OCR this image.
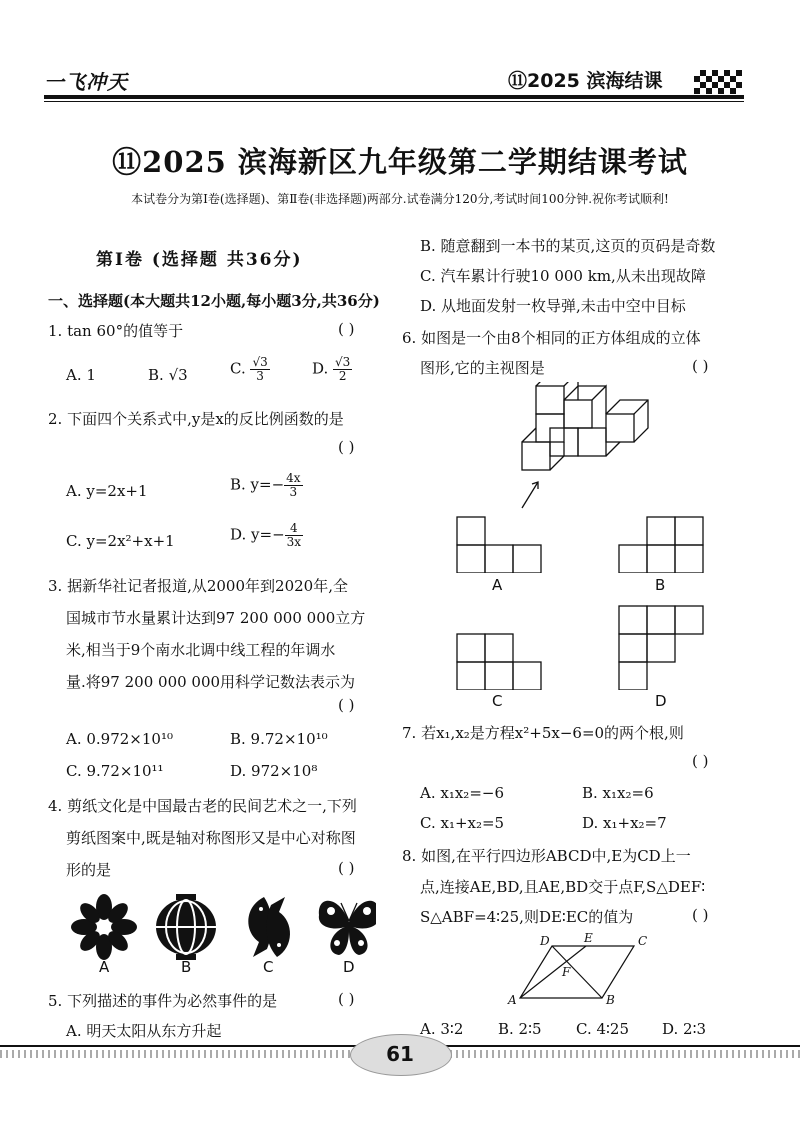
一飞冲天	⑪2025 滨海结课
⑪2025 滨海新区九年级第二学期结课考试
本试卷分为第Ⅰ卷(选择题)、第Ⅱ卷(非选择题)两部分.试卷满分120分,考试时间100分钟.祝你考试顺利!
第Ⅰ卷 (选择题 共36分)
一、选择题(本大题共12小题,每小题3分,共36分)
1. tan 60°的值等于	( )
A. 1	B. √3	C. $\frac{√3}{3}$	D. $\frac{√3}{2}$
2. 下面四个关系式中,y是x的反比例函数的是
( )
A. y=2x+1	B. $y=- \frac{4x}{3}$
C. y=2x²+x+1	D. $y=- \frac{4}{3x}$
3. 据新华社记者报道,从2000年到2020年,全
国城市节水量累计达到97 200 000 000立方
米,相当于9个南水北调中线工程的年调水
量.将97 200 000 000用科学记数法表示为
( )
A. 0.972×10¹⁰	B. 9.72×10¹⁰
C. 9.72×10¹¹	D. 972×10⁸
4. 剪纸文化是中国最古老的民间艺术之一,下列
剪纸图案中,既是轴对称图形又是中心对称图
形的是	( )
A	B	C	D
5. 下列描述的事件为必然事件的是	( )
A. 明天太阳从东方升起
B. 随意翻到一本书的某页,这页的页码是奇数
C. 汽车累计行驶10 000 km,从未出现故障
D. 从地面发射一枚导弹,未击中空中目标
6. 如图是一个由8个相同的正方体组成的立体
图形,它的主视图是	( )
A	B
C	D
7. 若x₁,x₂是方程x²+5x−6=0的两个根,则
( )
A. x₁x₂=−6	B. x₁x₂=6
C. x₁+x₂=5	D. x₁+x₂=7
8. 如图,在平行四边形ABCD中,E为CD上一
点,连接AE,BD,且AE,BD交于点F,S△DEF∶
S△ABF=4∶25,则DE∶EC的值为	( )
D	E	C
F
A	B
A. 3∶2 B. 2∶5 C. 4∶25 D. 2∶3
61
